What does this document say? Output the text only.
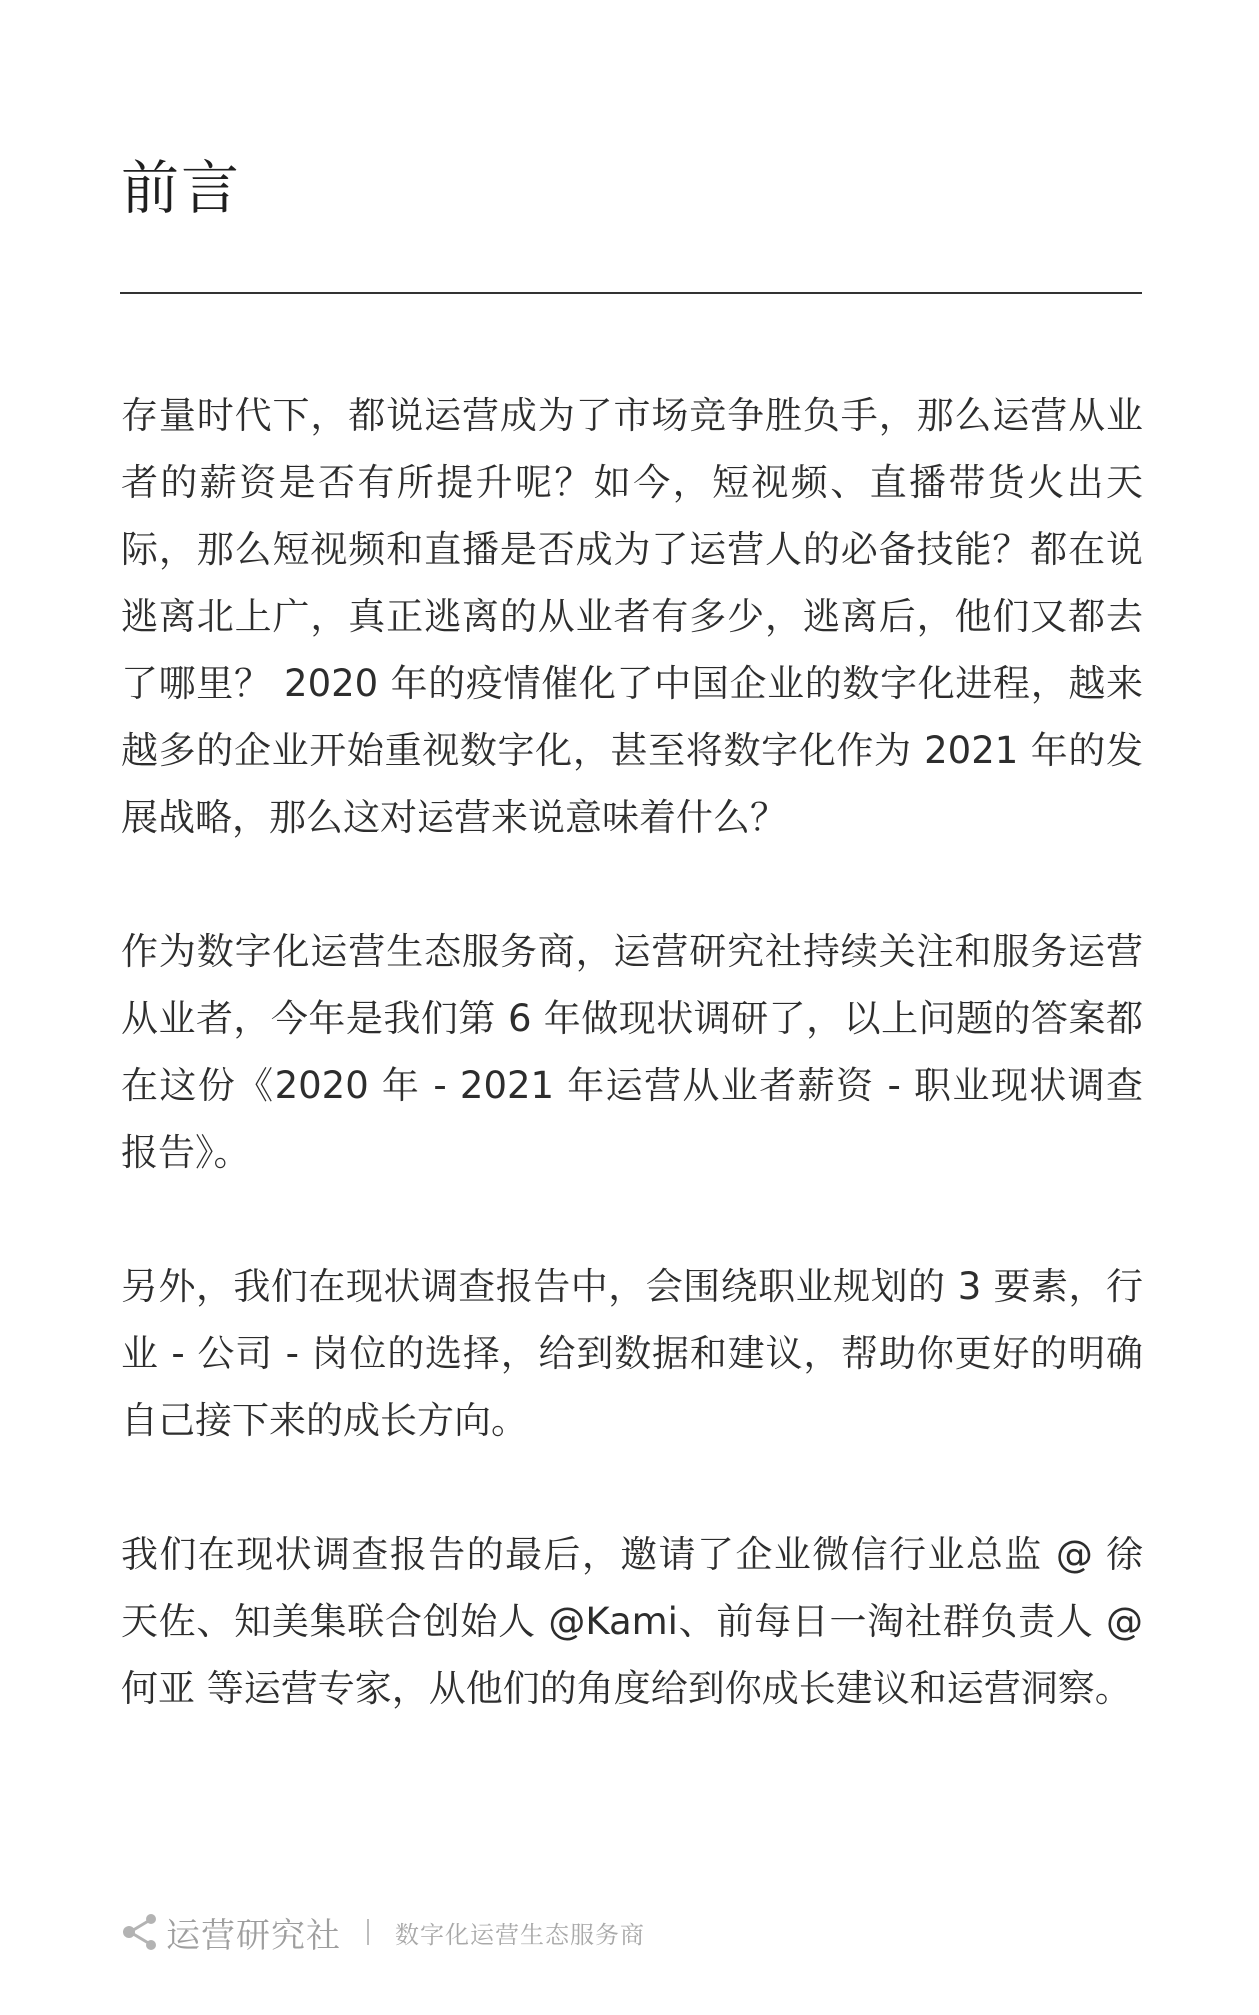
前言

存量时代下，都说运营成为了市场竞争胜负手，那么运营从业者的薪资是否有所提升呢？如今，短视频、直播带货火出天际，那么短视频和直播是否成为了运营人的必备技能？都在说逃离北上广，真正逃离的从业者有多少，逃离后，他们又都去了哪里？ 2020 年的疫情催化了中国企业的数字化进程，越来越多的企业开始重视数字化，甚至将数字化作为 2021 年的发展战略，那么这对运营来说意味着什么？

作为数字化运营生态服务商，运营研究社持续关注和服务运营从业者，今年是我们第 6 年做现状调研了，以上问题的答案都在这份《2020 年 - 2021 年运营从业者薪资 - 职业现状调查报告》。

另外，我们在现状调查报告中，会围绕职业规划的 3 要素，行业 - 公司 - 岗位的选择，给到数据和建议，帮助你更好的明确自己接下来的成长方向。

我们在现状调查报告的最后，邀请了企业微信行业总监 @ 徐天佐、知美集联合创始人 @Kami、前每日一淘社群负责人 @ 何亚 等运营专家，从他们的角度给到你成长建议和运营洞察。

运营研究社 数字化运营生态服务商
